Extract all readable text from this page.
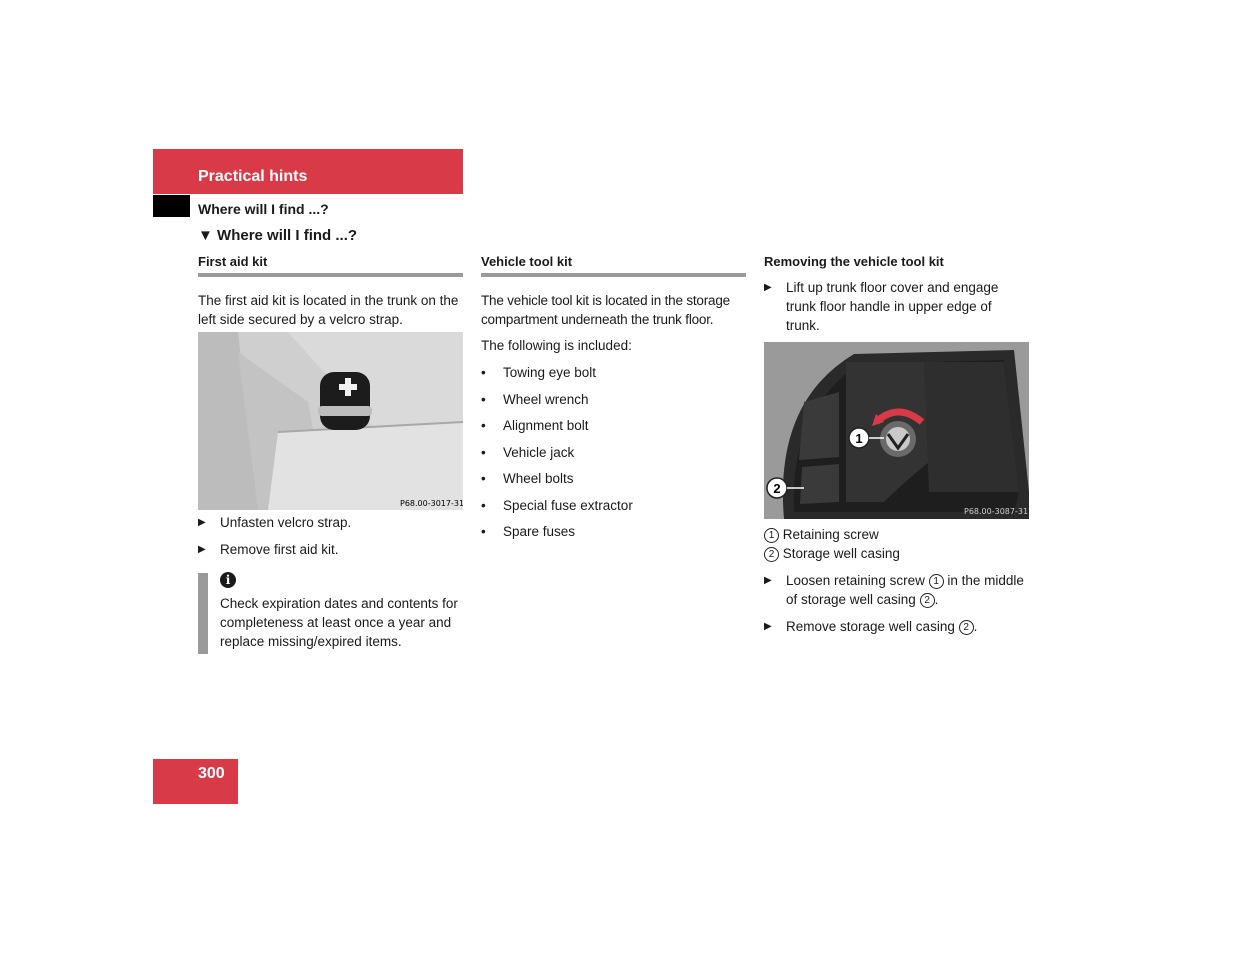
Practical hints
Where will I find ...?
▼ Where will I find ...?
First aid kit
The first aid kit is located in the trunk on the left side secured by a velcro strap.
P68.00-3017-31
▶ Unfasten velcro strap.
▶ Remove first aid kit.
i
Check expiration dates and contents for completeness at least once a year and replace missing/expired items.
Vehicle tool kit
The vehicle tool kit is located in the storage compartment underneath the trunk floor.
The following is included:
• Towing eye bolt
• Wheel wrench
• Alignment bolt
• Vehicle jack
• Wheel bolts
• Special fuse extractor
• Spare fuses
Removing the vehicle tool kit
▶ Lift up trunk floor cover and engage trunk floor handle in upper edge of trunk.
1
2
P68.00-3087-31
1 Retaining screw
2 Storage well casing
▶ Loosen retaining screw 1 in the middle of storage well casing 2 .
▶ Remove storage well casing 2 .
300
